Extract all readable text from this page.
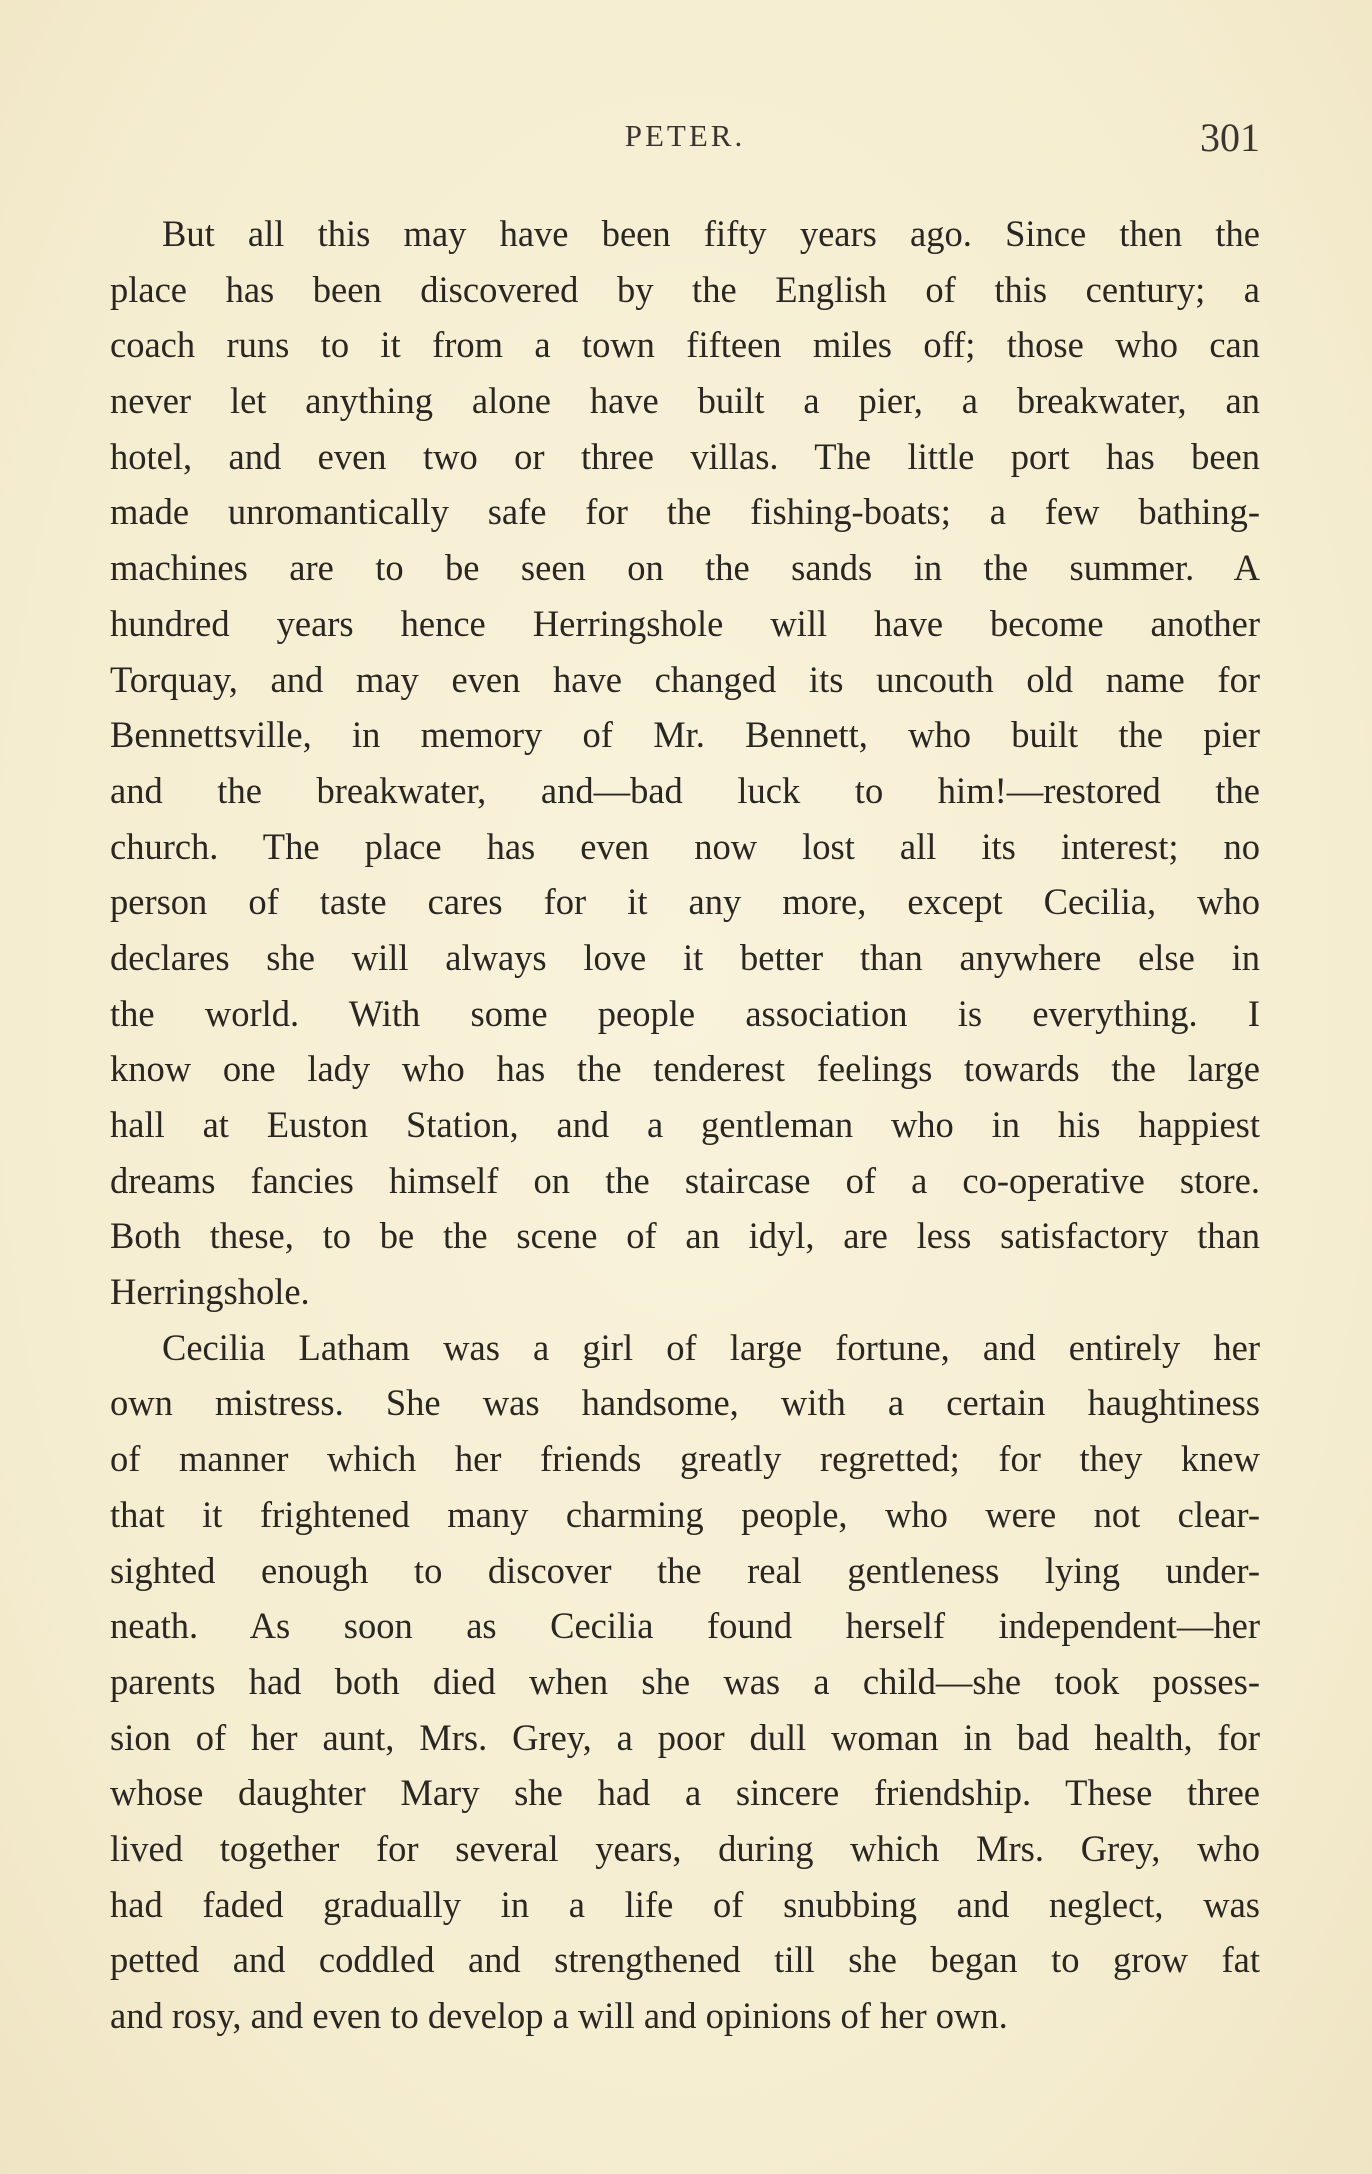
PETER.	301
But all this may have been fifty years ago. Since then the
place has been discovered by the English of this century; a
coach runs to it from a town fifteen miles off; those who can
never let anything alone have built a pier, a breakwater, an
hotel, and even two or three villas. The little port has been
made unromantically safe for the fishing-boats; a few bathing-
machines are to be seen on the sands in the summer. A
hundred years hence Herringshole will have become another
Torquay, and may even have changed its uncouth old name for
Bennettsville, in memory of Mr. Bennett, who built the pier
and the breakwater, and—bad luck to him!—restored the
church. The place has even now lost all its interest; no
person of taste cares for it any more, except Cecilia, who
declares she will always love it better than anywhere else in
the world. With some people association is everything. I
know one lady who has the tenderest feelings towards the large
hall at Euston Station, and a gentleman who in his happiest
dreams fancies himself on the staircase of a co-operative store.
Both these, to be the scene of an idyl, are less satisfactory than
Herringshole.
Cecilia Latham was a girl of large fortune, and entirely her
own mistress. She was handsome, with a certain haughtiness
of manner which her friends greatly regretted; for they knew
that it frightened many charming people, who were not clear-
sighted enough to discover the real gentleness lying under-
neath. As soon as Cecilia found herself independent—her
parents had both died when she was a child—she took posses-
sion of her aunt, Mrs. Grey, a poor dull woman in bad health, for
whose daughter Mary she had a sincere friendship. These three
lived together for several years, during which Mrs. Grey, who
had faded gradually in a life of snubbing and neglect, was
petted and coddled and strengthened till she began to grow fat
and rosy, and even to develop a will and opinions of her own.
